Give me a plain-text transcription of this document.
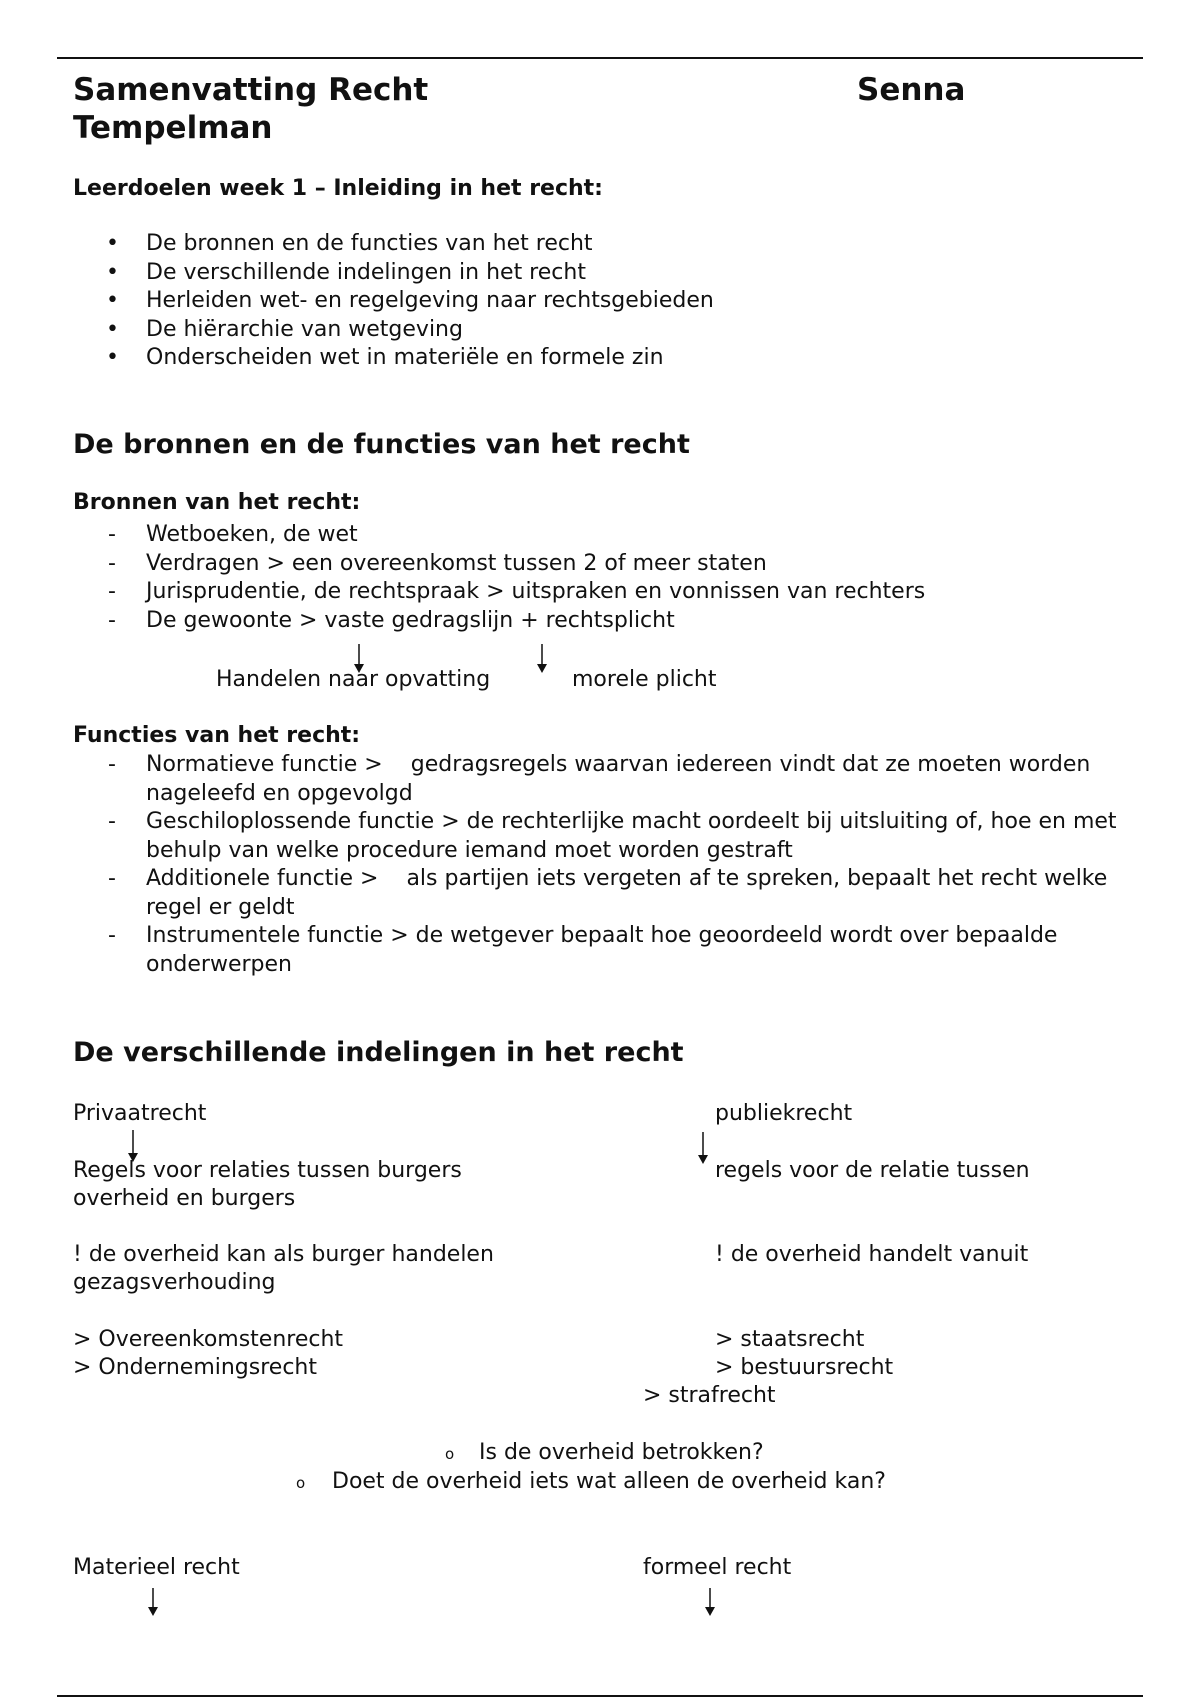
Samenvatting Recht	Senna
Tempelman
Leerdoelen week 1 – Inleiding in het recht:
• De bronnen en de functies van het recht
• De verschillende indelingen in het recht
• Herleiden wet- en regelgeving naar rechtsgebieden
• De hiërarchie van wetgeving
• Onderscheiden wet in materiële en formele zin
De bronnen en de functies van het recht
Bronnen van het recht:
- Wetboeken, de wet
- Verdragen > een overeenkomst tussen 2 of meer staten
- Jurisprudentie, de rechtspraak > uitspraken en vonnissen van rechters
- De gewoonte > vaste gedragslijn + rechtsplicht
Handelen naar opvatting	morele plicht
Functies van het recht:
- Normatieve functie > gedragsregels waarvan iedereen vindt dat ze moeten worden nageleefd en opgevolgd
- Geschiloplossende functie > de rechterlijke macht oordeelt bij uitsluiting of, hoe en met behulp van welke procedure iemand moet worden gestraft
- Additionele functie > als partijen iets vergeten af te spreken, bepaalt het recht welke regel er geldt
- Instrumentele functie > de wetgever bepaalt hoe geoordeeld wordt over bepaalde onderwerpen
De verschillende indelingen in het recht
Privaatrecht	publiekrecht
Regels voor relaties tussen burgers	regels voor de relatie tussen
overheid en burgers
! de overheid kan als burger handelen	! de overheid handelt vanuit
gezagsverhouding
> Overeenkomstenrecht
> Ondernemingsrecht
> staatsrecht
> bestuursrecht
> strafrecht
o Is de overheid betrokken?
o Doet de overheid iets wat alleen de overheid kan?
Materieel recht	formeel recht
